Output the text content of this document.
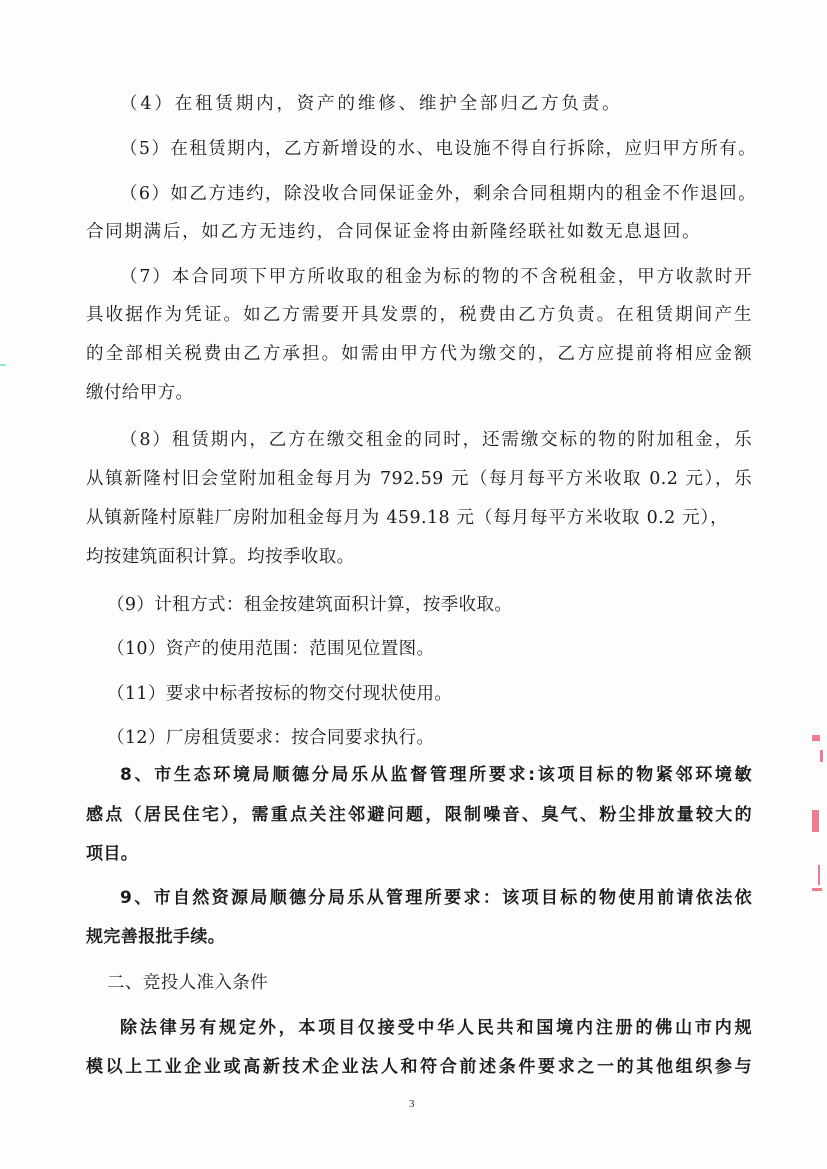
（4）在租赁期内，资产的维修、维护全部归乙方负责。
（5）在租赁期内，乙方新增设的水、电设施不得自行拆除，应归甲方所有。
（6）如乙方违约，除没收合同保证金外，剩余合同租期内的租金不作退回。
合同期满后，如乙方无违约，合同保证金将由新隆经联社如数无息退回。
（7）本合同项下甲方所收取的租金为标的物的不含税租金，甲方收款时开
具收据作为凭证。如乙方需要开具发票的，税费由乙方负责。在租赁期间产生
的全部相关税费由乙方承担。如需由甲方代为缴交的，乙方应提前将相应金额
缴付给甲方。
（8）租赁期内，乙方在缴交租金的同时，还需缴交标的物的附加租金，乐
从镇新隆村旧会堂附加租金每月为 792.59 元（每月每平方米收取 0.2 元），乐
从镇新隆村原鞋厂房附加租金每月为 459.18 元（每月每平方米收取 0.2 元），
均按建筑面积计算。均按季收取。
（9）计租方式：租金按建筑面积计算，按季收取。
（10）资产的使用范围：范围见位置图。
（11）要求中标者按标的物交付现状使用。
（12）厂房租赁要求：按合同要求执行。
8、市生态环境局顺德分局乐从监督管理所要求:该项目标的物紧邻环境敏
感点（居民住宅），需重点关注邻避问题，限制噪音、臭气、粉尘排放量较大的
项目。
9、市自然资源局顺德分局乐从管理所要求：该项目标的物使用前请依法依
规完善报批手续。
二、竞投人准入条件
除法律另有规定外，本项目仅接受中华人民共和国境内注册的佛山市内规
模以上工业企业或高新技术企业法人和符合前述条件要求之一的其他组织参与
3
